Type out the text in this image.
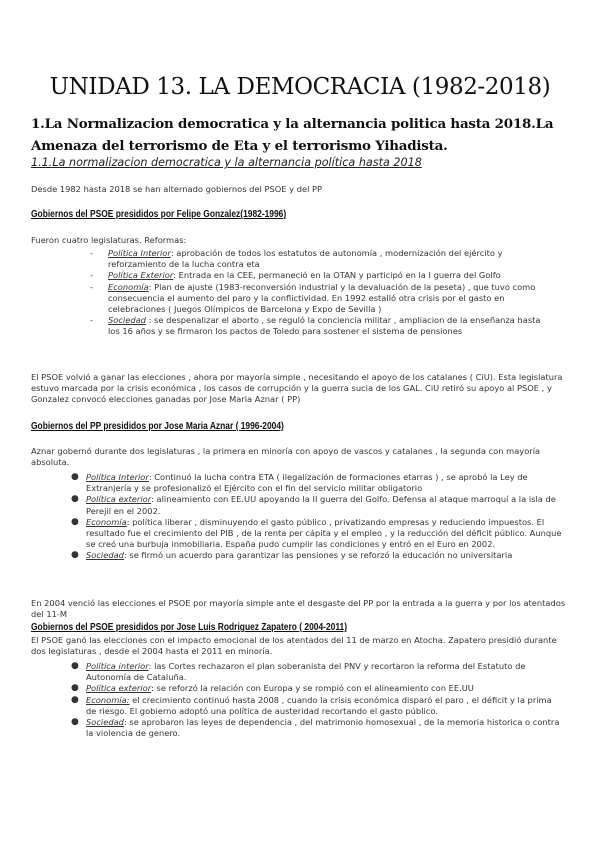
UNIDAD 13. LA DEMOCRACIA (1982-2018)

1.La Normalizacion democratica y la alternancia politica hasta 2018.La Amenaza del terrorismo de Eta y el terrorismo Yihadista.

1.1.La normalizacion democratica y la alternancia política hasta 2018

Desde 1982 hasta 2018 se han alternado gobiernos del PSOE y del PP

Gobiernos del PSOE presididos por Felipe Gonzalez(1982-1996)

Fueron cuatro legislaturas. Reformas:

- Política Interior: aprobación de todos los estatutos de autonomía , modernización del ejército y reforzamiento de la lucha contra eta
- Política Exterior: Entrada en la CEE, permaneció en la OTAN y participó en la I guerra del Golfo
- Economía: Plan de ajuste (1983-reconversión industrial y la devaluación de la peseta) , que tuvo como consecuencia el aumento del paro y la conflictividad. En 1992 estalló otra crisis por el gasto en celebraciones ( Juegos Olímpicos de Barcelona y Expo de Sevilla )
- Sociedad : se despenalizar el aborto , se reguló la conciencia militar , ampliacion de la enseñanza hasta los 16 años y se firmaron los pactos de Toledo para sostener el sistema de pensiones

El PSOE volvió a ganar las elecciones , ahora por mayoría simple , necesitando el apoyo de los catalanes ( CiU). Esta legislatura estuvo marcada por la crisis económica , los casos de corrupción y la guerra sucia de los GAL. CiU retiró su apoyo al PSOE , y Gonzalez convocó elecciones ganadas por Jose Maria Aznar ( PP)

Gobiernos del PP presididos por Jose Maria Aznar ( 1996-2004)

Aznar gobernó durante dos legislaturas , la primera en minoría con apoyo de vascos y catalanes , la segunda con mayoría absoluta.

● Política Interior: Continuó la lucha contra ETA ( ilegalización de formaciones etarras ) , se aprobó la Ley de Extranjería y se profesionalizó el Ejército con el fin del servicio militar obligatorio
● Política exterior: alineamiento con EE.UU apoyando la II guerra del Golfo. Defensa al ataque marroquí a la isla de Perejil en el 2002.
● Economía: política liberar , disminuyendo el gasto público , privatizando empresas y reduciendo impuestos. El resultado fue el crecimiento del PIB , de la renta per cápita y el empleo , y la reducción del déficit público. Aunque se creó una burbuja inmobiliaria. España pudo cumplir las condiciones y entró en el Euro en 2002.
● Sociedad: se firmó un acuerdo para garantizar las pensiones y se reforzó la educación no universitaria

En 2004 venció las elecciones el PSOE por mayoría simple ante el desgaste del PP por la entrada a la guerra y por los atentados del 11-M

Gobiernos del PSOE presididos por Jose Luis Rodriguez Zapatero ( 2004-2011)

El PSOE ganó las elecciones con el impacto emocional de los atentados del 11 de marzo en Atocha. Zapatero presidió durante dos legislaturas , desde el 2004 hasta el 2011 en minoría.

● Política interior: las Cortes rechazaron el plan soberanista del PNV y recortaron la reforma del Estatuto de Autonomía de Cataluña.
● Política exterior: se reforzó la relación con Europa y se rompió con el alineamiento con EE.UU
● Economía: el crecimiento continuó hasta 2008 , cuando la crisis económica disparó el paro , el déficit y la prima de riesgo. El gobierno adoptó una política de austeridad recortando el gasto público.
● Sociedad: se aprobaron las leyes de dependencia , del matrimonio homosexual , de la memoria historica o contra la violencia de genero.
